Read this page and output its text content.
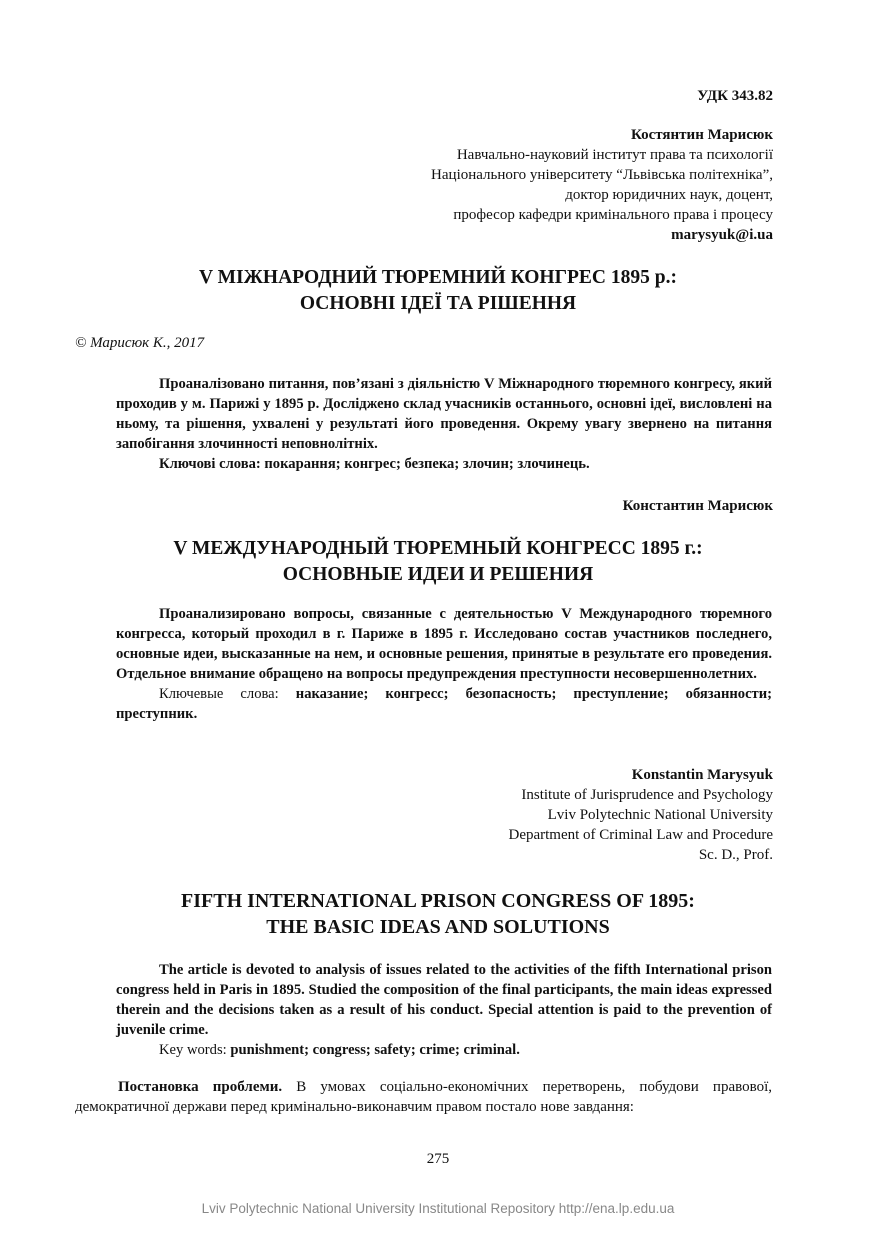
УДК 343.82
Костянтин Марисюк
Навчально-науковий інститут права та психології
Національного університету “Львівська політехніка”,
доктор юридичних наук, доцент,
професор кафедри кримінального права і процесу
marysyuk@i.ua
V МІЖНАРОДНИЙ ТЮРЕМНИЙ КОНГРЕС 1895 р.:
ОСНОВНІ ІДЕЇ ТА РІШЕННЯ
© Марисюк К., 2017

Проаналізовано питання, пов’язані з діяльністю V Міжнародного тюремного конгресу, який проходив у м. Парижі у 1895 р. Досліджено склад учасників останнього, основні ідеї, висловлені на ньому, та рішення, ухвалені у результаті його проведення. Окрему увагу звернено на питання запобігання злочинності неповнолітніх.

Ключові слова: покарання; конгрес; безпека; злочин; злочинець.

Константин Марисюк
V МЕЖДУНАРОДНЫЙ ТЮРЕМНЫЙ КОНГРЕСС 1895 г.:
ОСНОВНЫЕ ИДЕИ И РЕШЕНИЯ

Проанализировано вопросы, связанные с деятельностью V Международного тюремного конгресса, который проходил в г. Париже в 1895 г. Исследовано состав участников последнего, основные идеи, высказанные на нем, и основные решения, принятые в результате его проведения. Отдельное внимание обращено на вопросы предупреждения преступности несовершеннолетних.

Ключевые слова: наказание; конгресс; безопасность; преступление; обязанности; преступник.

Konstantin Marysyuk
Institute of Jurisprudence and Psychology
Lviv Polytechnic National University
Department of Criminal Law and Procedure
Sc. D., Prof.
FIFTH INTERNATIONAL PRISON CONGRESS OF 1895:
THE BASIC IDEAS AND SOLUTIONS

The article is devoted to analysis of issues related to the activities of the fifth International prison congress held in Paris in 1895. Studied the composition of the final participants, the main ideas expressed therein and the decisions taken as a result of his conduct. Special attention is paid to the prevention of juvenile crime.

Key words: punishment; congress; safety; crime; criminal.

Постановка проблеми. В умовах соціально-економічних перетворень, побудови правової, демократичної держави перед кримінально-виконавчим правом постало нове завдання:

275
Lviv Polytechnic National University Institutional Repository http://ena.lp.edu.ua
